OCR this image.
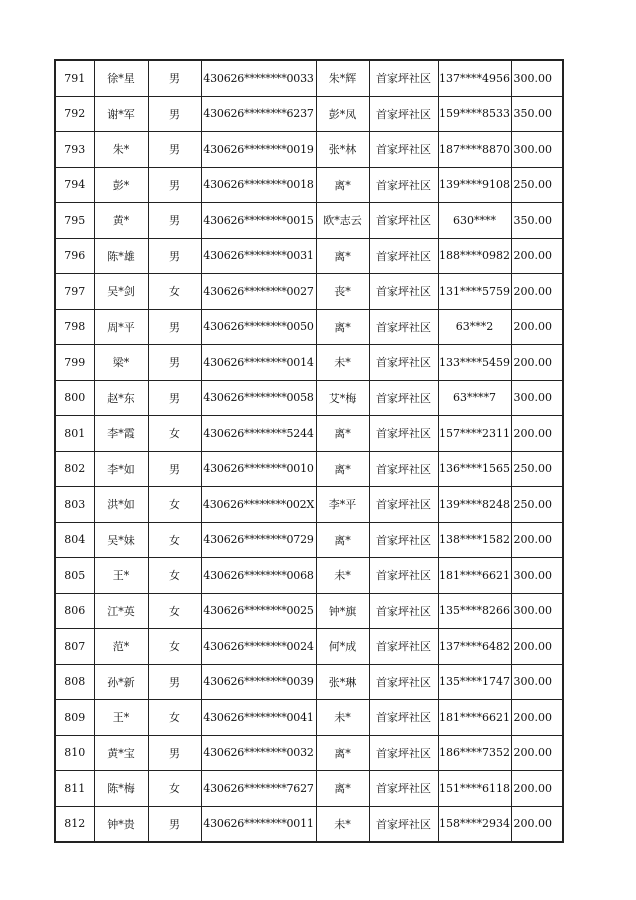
791	徐*星	男	430626********0033	朱*辉	首家坪社区	137****4956	300.00
792	谢*军	男	430626********6237	彭*凤	首家坪社区	159****8533	350.00
793	朱*	男	430626********0019	张*林	首家坪社区	187****8870	300.00
794	彭*	男	430626********0018	离*	首家坪社区	139****9108	250.00
795	黄*	男	430626********0015	欧*志云	首家坪社区	630****	350.00
796	陈*雄	男	430626********0031	离*	首家坪社区	188****0982	200.00
797	吴*剑	女	430626********0027	丧*	首家坪社区	131****5759	200.00
798	周*平	男	430626********0050	离*	首家坪社区	63***2	200.00
799	梁*	男	430626********0014	未*	首家坪社区	133****5459	200.00
800	赵*东	男	430626********0058	艾*梅	首家坪社区	63****7	300.00
801	李*霞	女	430626********5244	离*	首家坪社区	157****2311	200.00
802	李*如	男	430626********0010	离*	首家坪社区	136****1565	250.00
803	洪*如	女	430626********002X	李*平	首家坪社区	139****8248	250.00
804	吴*妹	女	430626********0729	离*	首家坪社区	138****1582	200.00
805	王*	女	430626********0068	未*	首家坪社区	181****6621	300.00
806	江*英	女	430626********0025	钟*旗	首家坪社区	135****8266	300.00
807	范*	女	430626********0024	何*成	首家坪社区	137****6482	200.00
808	孙*新	男	430626********0039	张*琳	首家坪社区	135****1747	300.00
809	王*	女	430626********0041	未*	首家坪社区	181****6621	200.00
810	黄*宝	男	430626********0032	离*	首家坪社区	186****7352	200.00
811	陈*梅	女	430626********7627	离*	首家坪社区	151****6118	200.00
812	钟*贵	男	430626********0011	未*	首家坪社区	158****2934	200.00
